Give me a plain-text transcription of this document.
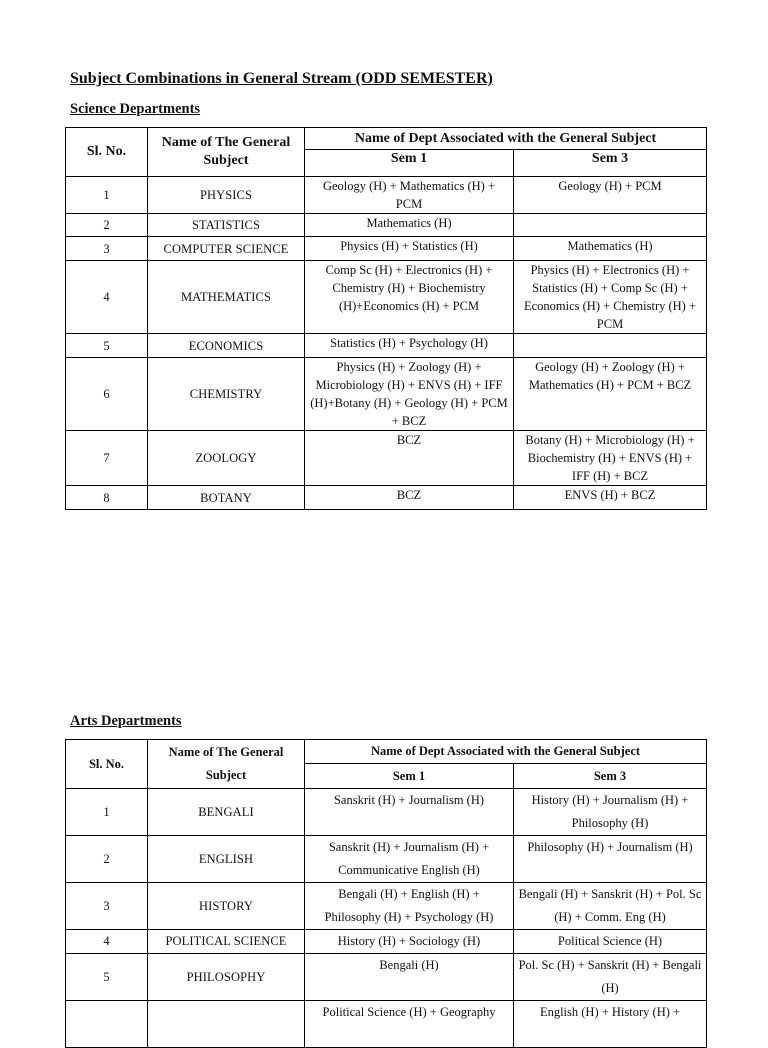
Subject Combinations in General Stream (ODD SEMESTER)
Science Departments
Sl. No.	Name of The General Subject	Name of Dept Associated with the General Subject	
		Sem 1	Sem 3
1	PHYSICS	Geology (H) + Mathematics (H) + PCM	Geology (H) + PCM
2	STATISTICS	Mathematics (H)	
3	COMPUTER SCIENCE	Physics (H) + Statistics (H)	Mathematics (H)
4	MATHEMATICS	Comp Sc (H) + Electronics (H) + Chemistry (H) + Biochemistry (H)+Economics (H) + PCM	Physics (H) + Electronics (H) + Statistics (H) + Comp Sc (H) + Economics (H) + Chemistry (H) + PCM
5	ECONOMICS	Statistics (H) + Psychology (H)	
6	CHEMISTRY	Physics (H) + Zoology (H) + Microbiology (H) + ENVS (H) + IFF (H)+Botany (H) + Geology (H) + PCM + BCZ	Geology (H) + Zoology (H) + Mathematics (H) + PCM + BCZ
7	ZOOLOGY	BCZ	Botany (H) + Microbiology (H) + Biochemistry (H) + ENVS (H) + IFF (H) + BCZ
8	BOTANY	BCZ	ENVS (H) + BCZ
Arts Departments
Sl. No.	Name of The General Subject	Name of Dept Associated with the General Subject	
		Sem 1	Sem 3
1	BENGALI	Sanskrit (H) + Journalism (H)	History (H) + Journalism (H) + Philosophy (H)
2	ENGLISH	Sanskrit (H) + Journalism (H) + Communicative English (H)	Philosophy (H) + Journalism (H)
3	HISTORY	Bengali (H) + English (H) + Philosophy (H) + Psychology (H)	Bengali (H) + Sanskrit (H) + Pol. Sc (H) + Comm. Eng (H)
4	POLITICAL SCIENCE	History (H) + Sociology (H)	Political Science (H)
5	PHILOSOPHY	Bengali (H)	Pol. Sc (H) + Sanskrit (H) + Bengali (H)
		Political Science (H) + Geography	English (H) + History (H) +
